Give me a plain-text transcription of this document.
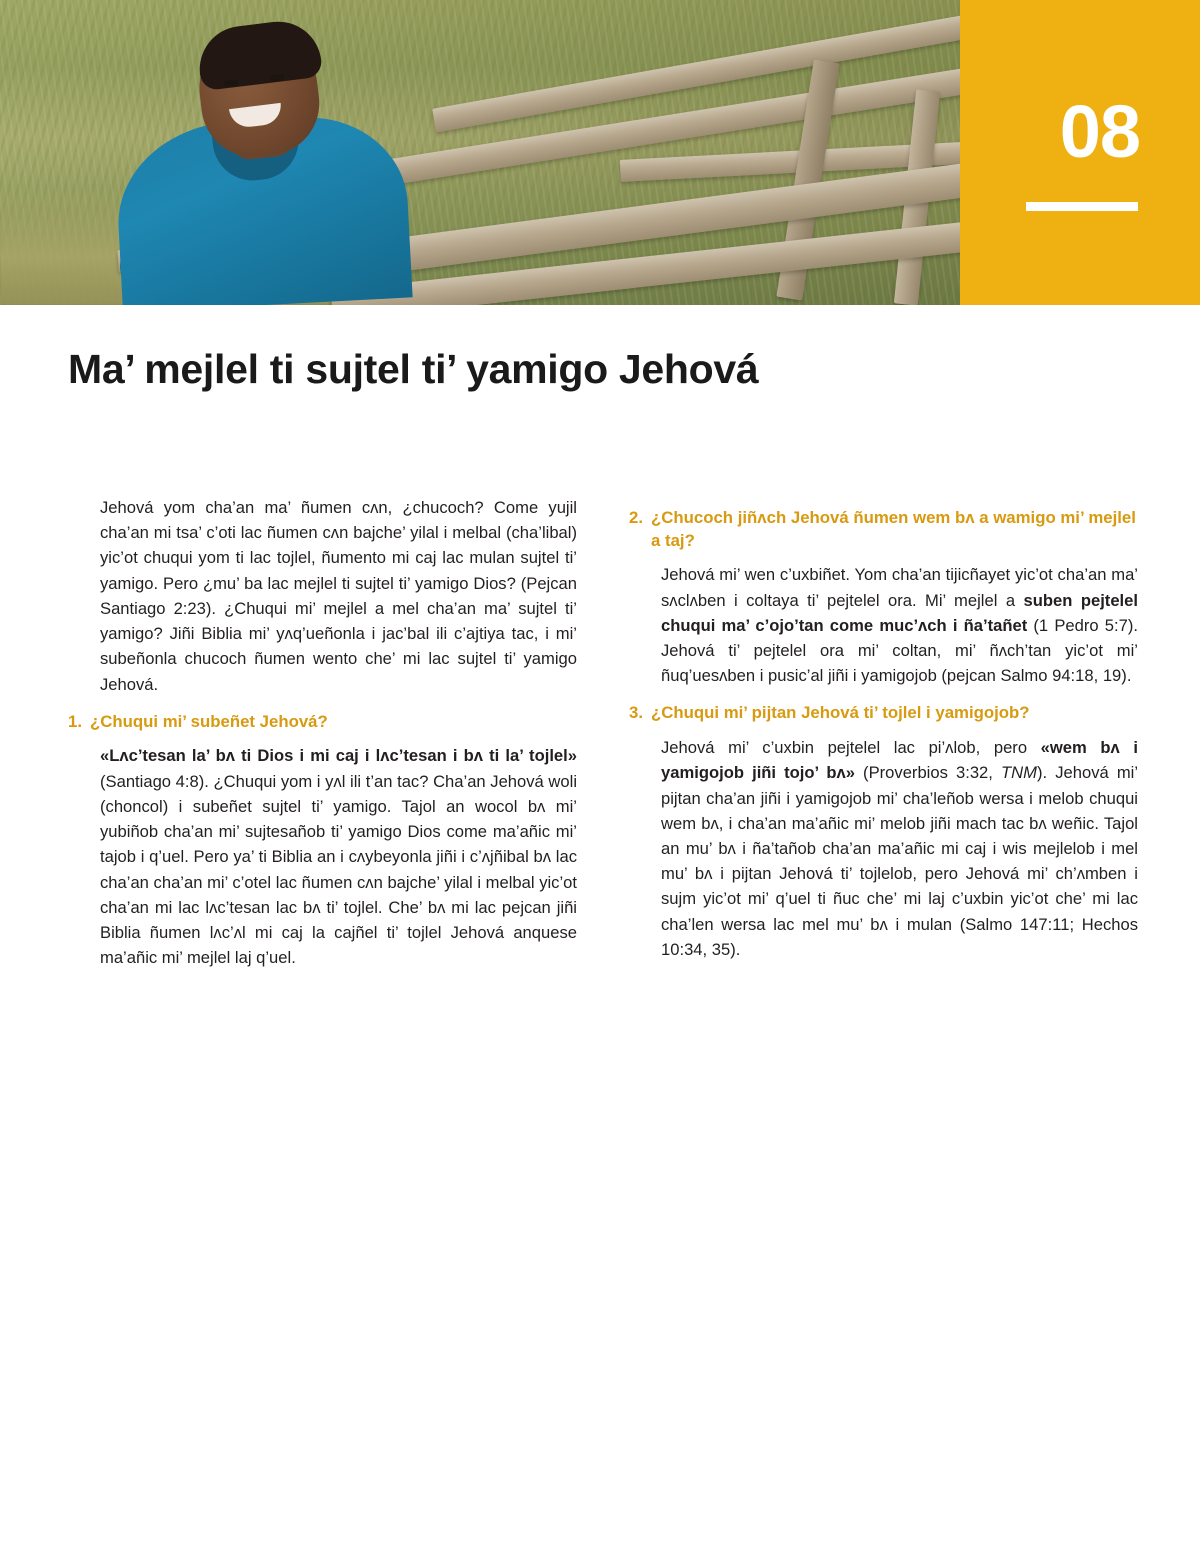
08
Ma’ mejlel ti sujtel ti’ yamigo Jehová

Jehová yom cha’an ma’ ñumen cʌn, ¿chucoch? Come yujil cha’an mi tsa’ c’oti lac ñumen cʌn bajche’ yilal i melbal (cha’libal) yic’ot chuqui yom ti lac tojlel, ñumento mi caj lac mulan sujtel ti’ yamigo. Pero ¿mu’ ba lac mejlel ti sujtel ti’ yamigo Dios? (Pejcan Santiago 2:23). ¿Chuqui mi’ mejlel a mel cha’an ma’ sujtel ti’ yamigo? Jiñi Biblia mi’ yʌq’ueñonla i jac’bal ili c’ajtiya tac, i mi’ subeñonla chucoch ñumen wento che’ mi lac sujtel ti’ yamigo Jehová.

1. ¿Chuqui mi’ subeñet Jehová?

«Lʌc’tesan la’ bʌ ti Dios i mi caj i lʌc’tesan i bʌ ti la’ tojlel» (Santiago 4:8). ¿Chuqui yom i yʌl ili t’an tac? Cha’an Jehová woli (choncol) i subeñet sujtel ti’ yamigo. Tajol an wocol bʌ mi’ yubiñob cha’an mi’ sujtesañob ti’ yamigo Dios come ma’añic mi’ tajob i q’uel. Pero ya’ ti Biblia an i cʌybeyonla jiñi i c’ʌjñibal bʌ lac cha’an cha’an mi’ c’otel lac ñumen cʌn bajche’ yilal i melbal yic’ot cha’an mi lac lʌc’tesan lac bʌ ti’ tojlel. Che’ bʌ mi lac pejcan jiñi Biblia ñumen lʌc’ʌl mi caj la cajñel ti’ tojlel Jehová anquese ma’añic mi’ mejlel laj q’uel.

2. ¿Chucoch jiñʌch Jehová ñumen wem bʌ a wamigo mi’ mejlel a taj?

Jehová mi’ wen c’uxbiñet. Yom cha’an tijicñayet yic’ot cha’an ma’ sʌclʌben i coltaya ti’ pejtelel ora. Mi’ mejlel a suben pejtelel chuqui ma’ c’ojo’tan come muc’ʌch i ña’tañet (1 Pedro 5:7). Jehová ti’ pejtelel ora mi’ coltan, mi’ ñʌch’tan yic’ot mi’ ñuq’uesʌben i pusic’al jiñi i yamigojob (pejcan Salmo 94:18, 19).

3. ¿Chuqui mi’ pijtan Jehová ti’ tojlel i yamigojob?

Jehová mi’ c’uxbin pejtelel lac pi’ʌlob, pero «wem bʌ i yamigojob jiñi tojo’ bʌ» (Proverbios 3:32, TNM). Jehová mi’ pijtan cha’an jiñi i yamigojob mi’ cha’leñob wersa i melob chuqui wem bʌ, i cha’an ma’añic mi’ melob jiñi mach tac bʌ weñic. Tajol an mu’ bʌ i ña’tañob cha’an ma’añic mi caj i wis mejlelob i mel mu’ bʌ i pijtan Jehová ti’ tojlelob, pero Jehová mi’ ch’ʌmben i sujm yic’ot mi’ q’uel ti ñuc che’ mi laj c’uxbin yic’ot che’ mi lac cha’len wersa lac mel mu’ bʌ i mulan (Salmo 147:11; Hechos 10:34, 35).
